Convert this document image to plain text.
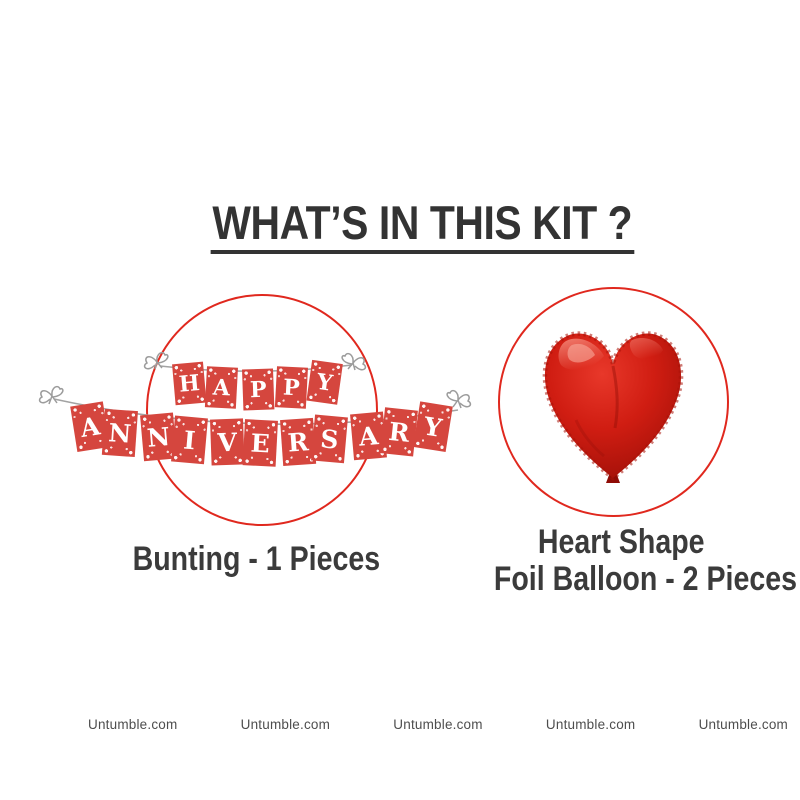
WHAT’S IN THIS KIT ?
H A P P Y
A N N I V E R S A R Y
Bunting - 1 Pieces	Heart Shape
Foil Balloon - 2 Pieces
Untumble.com	Untumble.com	Untumble.com	Untumble.com	Untumble.com
